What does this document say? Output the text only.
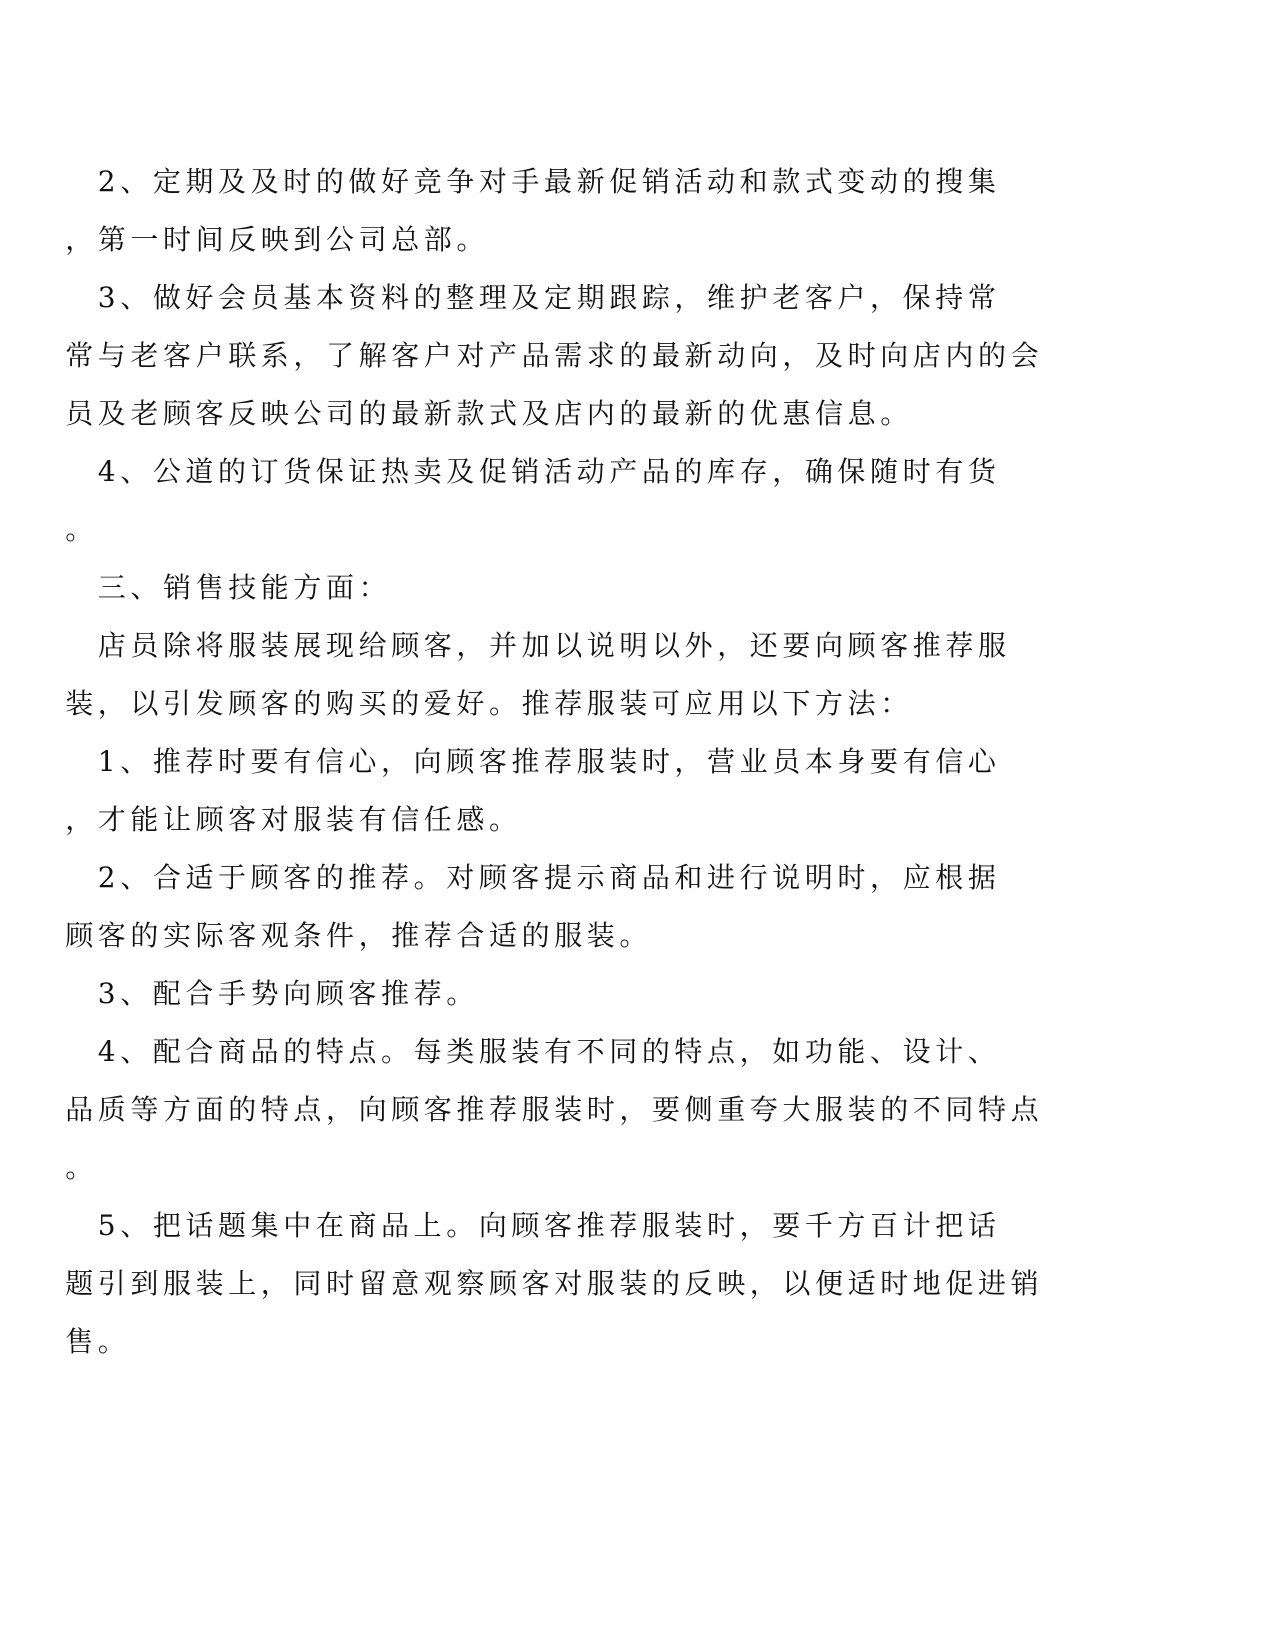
　　　2、定期及及时的做好竞争对手最新促销活动和款式变动的搜集
　　，第一时间反映到公司总部。
　　　3、做好会员基本资料的整理及定期跟踪，维护老客户，保持常
　　常与老客户联系，了解客户对产品需求的最新动向，及时向店内的会
　　员及老顾客反映公司的最新款式及店内的最新的优惠信息。
　　　4、公道的订货保证热卖及促销活动产品的库存，确保随时有货
　　。
　　　三、销售技能方面：
　　　店员除将服装展现给顾客，并加以说明以外，还要向顾客推荐服
　　装，以引发顾客的购买的爱好。推荐服装可应用以下方法：
　　　1、推荐时要有信心，向顾客推荐服装时，营业员本身要有信心
　　，才能让顾客对服装有信任感。
　　　2、合适于顾客的推荐。对顾客提示商品和进行说明时，应根据
　　顾客的实际客观条件，推荐合适的服装。
　　　3、配合手势向顾客推荐。
　　　4、配合商品的特点。每类服装有不同的特点，如功能、设计、
　　品质等方面的特点，向顾客推荐服装时，要侧重夸大服装的不同特点
　　。
　　　5、把话题集中在商品上。向顾客推荐服装时，要千方百计把话
　　题引到服装上，同时留意观察顾客对服装的反映，以便适时地促进销
　　售。
